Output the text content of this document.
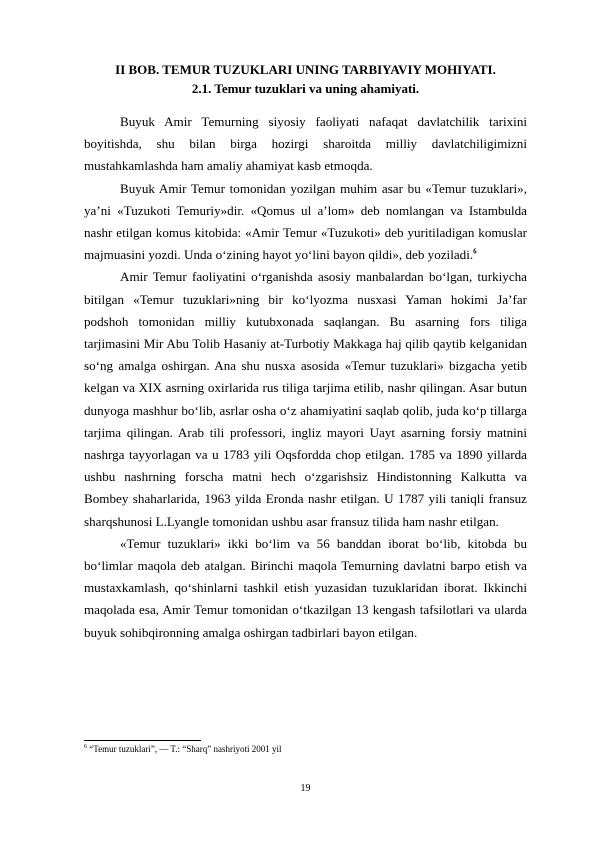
II BOB. TEMUR TUZUKLARI UNING TARBIYAVIY MOHIYATI.
2.1. Temur tuzuklari va uning ahamiyati.

Buyuk Amir Temurning siyosiy faoliyati nafaqat davlatchilik tarixini boyitishda, shu bilan birga hozirgi sharoitda milliy davlatchiligimizni mustahkamlashda ham amaliy ahamiyat kasb etmoqda.

Buyuk Amir Temur tomonidan yozilgan muhim asar bu «Temur tuzuklari», ya’ni «Tuzukoti Temuriy»dir. «Qomus ul a’lom» deb nomlangan va Istambulda nashr etilgan komus kitobida: «Amir Temur «Tuzukoti» deb yuritiladigan komuslar majmuasini yozdi. Unda o‘zining hayot yo‘lini bayon qildi», deb yoziladi.$^6$

Amir Temur faoliyatini o‘rganishda asosiy manbalardan bo‘lgan, turkiycha bitilgan «Temur tuzuklari»ning bir ko‘lyozma nusxasi Yaman hokimi Ja’far podshoh tomonidan milliy kutubxonada saqlangan. Bu asarning fors tiliga tarjimasini Mir Abu Tolib Hasaniy at-Turbotiy Makkaga haj qilib qaytib kelganidan so‘ng amalga oshirgan. Ana shu nusxa asosida «Temur tuzuklari» bizgacha yetib kelgan va XIX asrning oxirlarida rus tiliga tarjima etilib, nashr qilingan. Asar butun dunyoga mashhur bo‘lib, asrlar osha o‘z ahamiyatini saqlab qolib, juda ko‘p tillarga tarjima qilingan. Arab tili professori, ingliz mayori Uayt asarning forsiy matnini nashrga tayyorlagan va u 1783 yili Oqsfordda chop etilgan. 1785 va 1890 yillarda ushbu nashrning forscha matni hech o‘zgarishsiz Hindistonning Kalkutta va Bombey shaharlarida, 1963 yilda Eronda nashr etilgan. U 1787 yili taniqli fransuz sharqshunosi L.Lyangle tomonidan ushbu asar fransuz tilida ham nashr etilgan.

«Temur tuzuklari» ikki bo‘lim va 56 banddan iborat bo‘lib, kitobda bu bo‘limlar maqola deb atalgan. Birinchi maqola Temurning davlatni barpo etish va mustaxkamlash, qo‘shinlarni tashkil etish yuzasidan tuzuklaridan iborat. Ikkinchi maqolada esa, Amir Temur tomonidan o‘tkazilgan 13 kengash tafsilotlari va ularda buyuk sohibqironning amalga oshirgan tadbirlari bayon etilgan.

$^6$ “Temur tuzuklari”, — T.: “Sharq” nashriyoti 2001 yil
19
